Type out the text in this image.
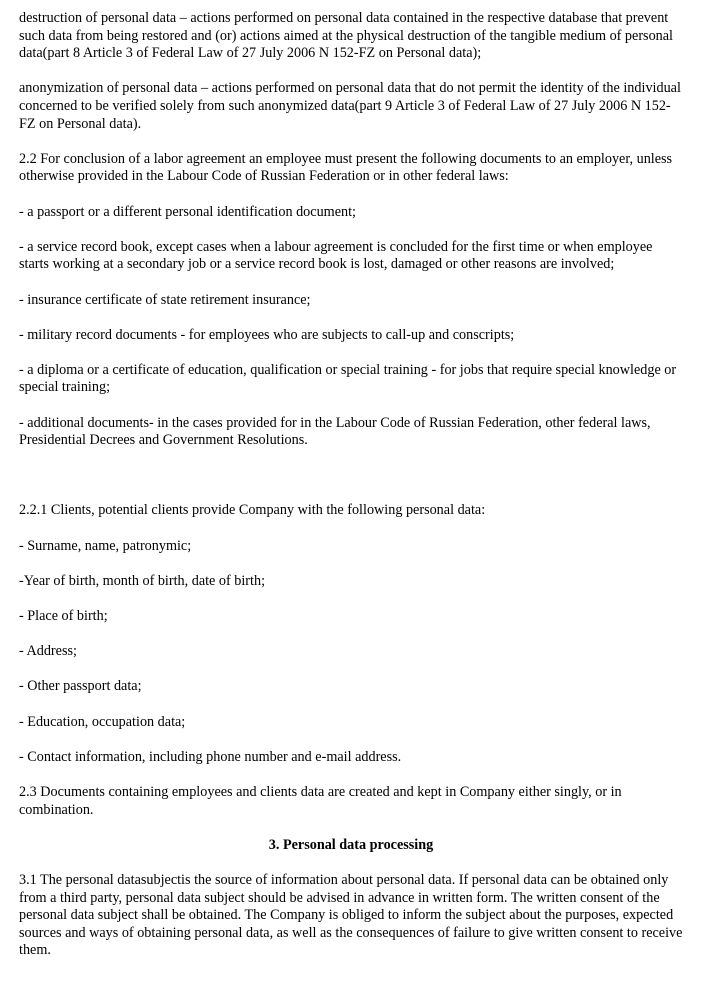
destruction of personal data – actions performed on personal data contained in the respective database that prevent such data from being restored and (or) actions aimed at the physical destruction of the tangible medium of personal data(part 8 Article 3 of Federal Law of 27 July 2006 N 152-FZ on Personal data);

anonymization of personal data – actions performed on personal data that do not permit the identity of the individual concerned to be verified solely from such anonymized data(part 9 Article 3 of Federal Law of 27 July 2006 N 152-FZ on Personal data).

2.2 For conclusion of a labor agreement an employee must present the following documents to an employer, unless otherwise provided in the Labour Code of Russian Federation or in other federal laws:

- a passport or a different personal identification document;

- a service record book, except cases when a labour agreement is concluded for the first time or when employee starts working at a secondary job or a service record book is lost, damaged or other reasons are involved;

- insurance certificate of state retirement insurance;

- military record documents - for employees who are subjects to call-up and conscripts;

- a diploma or a certificate of education, qualification or special training - for jobs that require special knowledge or special training;

- additional documents- in the cases provided for in the Labour Code of Russian Federation, other federal laws, Presidential Decrees and Government Resolutions.

2.2.1 Clients, potential clients provide Company with the following personal data:

- Surname, name, patronymic;

-Year of birth, month of birth, date of birth;

- Place of birth;

- Address;

- Other passport data;

- Education, occupation data;

- Contact information, including phone number and e-mail address.

2.3 Documents containing employees and clients data are created and kept in Company either singly, or in combination.

3. Personal data processing

3.1 The personal datasubjectis the source of information about personal data. If personal data can be obtained only from a third party, personal data subject should be advised in advance in written form. The written consent of the personal data subject shall be obtained. The Company is obliged to inform the subject about the purposes, expected sources and ways of obtaining personal data, as well as the consequences of failure to give written consent to receive them.
